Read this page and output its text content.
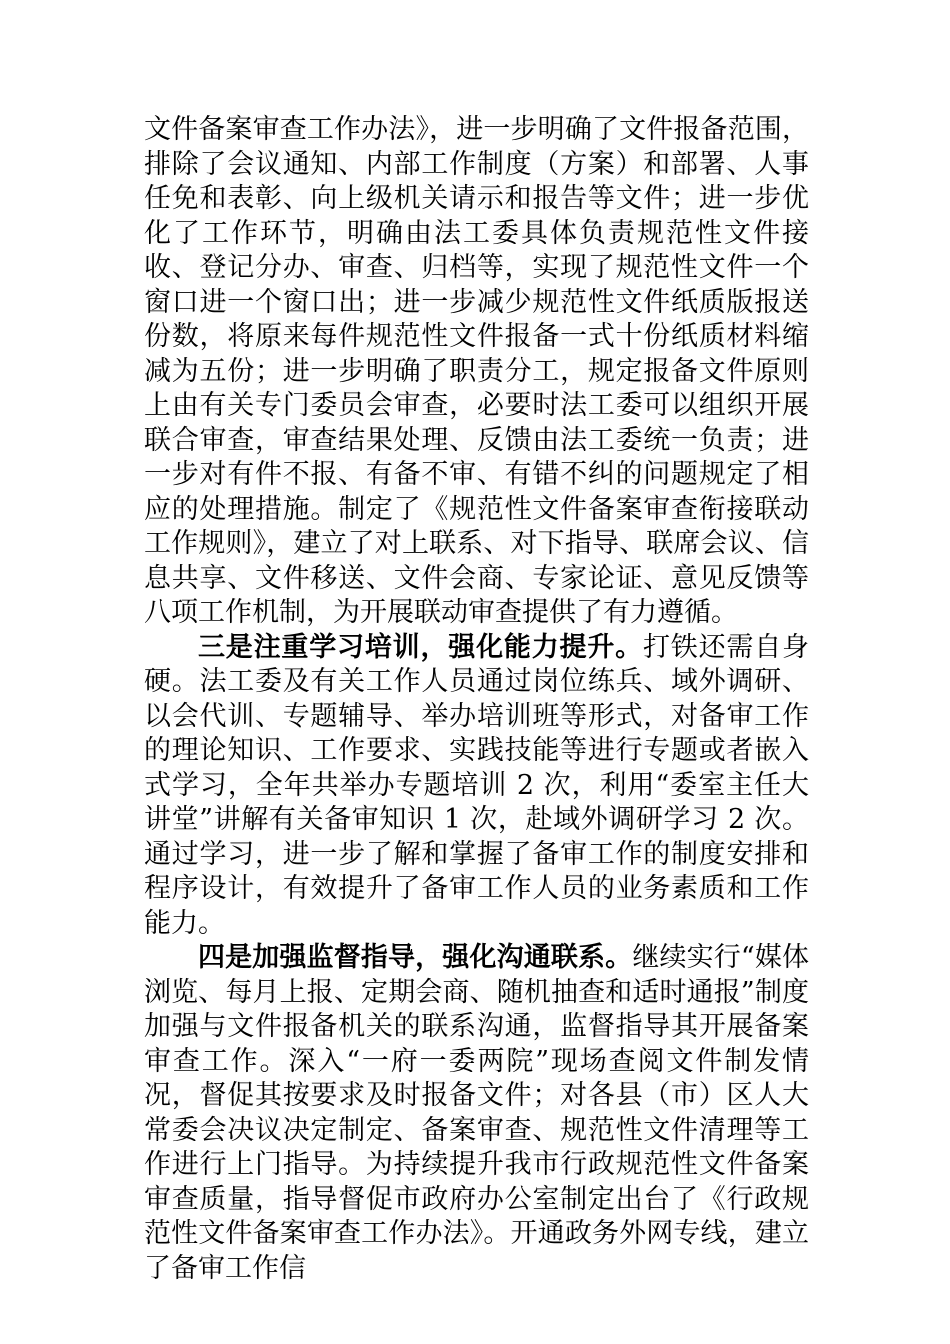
文件备案审查工作办法》，进一步明确了文件报备范围，排除了会议通知、内部工作制度（方案）和部署、人事任免和表彰、向上级机关请示和报告等文件；进一步优化了工作环节，明确由法工委具体负责规范性文件接收、登记分办、审查、归档等，实现了规范性文件一个窗口进一个窗口出；进一步减少规范性文件纸质版报送份数，将原来每件规范性文件报备一式十份纸质材料缩减为五份；进一步明确了职责分工，规定报备文件原则上由有关专门委员会审查，必要时法工委可以组织开展联合审查，审查结果处理、反馈由法工委统一负责；进一步对有件不报、有备不审、有错不纠的问题规定了相应的处理措施。制定了《规范性文件备案审查衔接联动工作规则》，建立了对上联系、对下指导、联席会议、信息共享、文件移送、文件会商、专家论证、意见反馈等八项工作机制，为开展联动审查提供了有力遵循。

三是注重学习培训，强化能力提升。打铁还需自身硬。法工委及有关工作人员通过岗位练兵、域外调研、以会代训、专题辅导、举办培训班等形式，对备审工作的理论知识、工作要求、实践技能等进行专题或者嵌入式学习，全年共举办专题培训 2 次，利用“委室主任大讲堂”讲解有关备审知识 1 次，赴域外调研学习 2 次。通过学习，进一步了解和掌握了备审工作的制度安排和程序设计，有效提升了备审工作人员的业务素质和工作能力。

四是加强监督指导，强化沟通联系。继续实行“媒体浏览、每月上报、定期会商、随机抽查和适时通报”制度加强与文件报备机关的联系沟通，监督指导其开展备案审查工作。深入“一府一委两院”现场查阅文件制发情况，督促其按要求及时报备文件；对各县（市）区人大常委会决议决定制定、备案审查、规范性文件清理等工作进行上门指导。为持续提升我市行政规范性文件备案审查质量，指导督促市政府办公室制定出台了《行政规范性文件备案审查工作办法》。开通政务外网专线，建立了备审工作信
